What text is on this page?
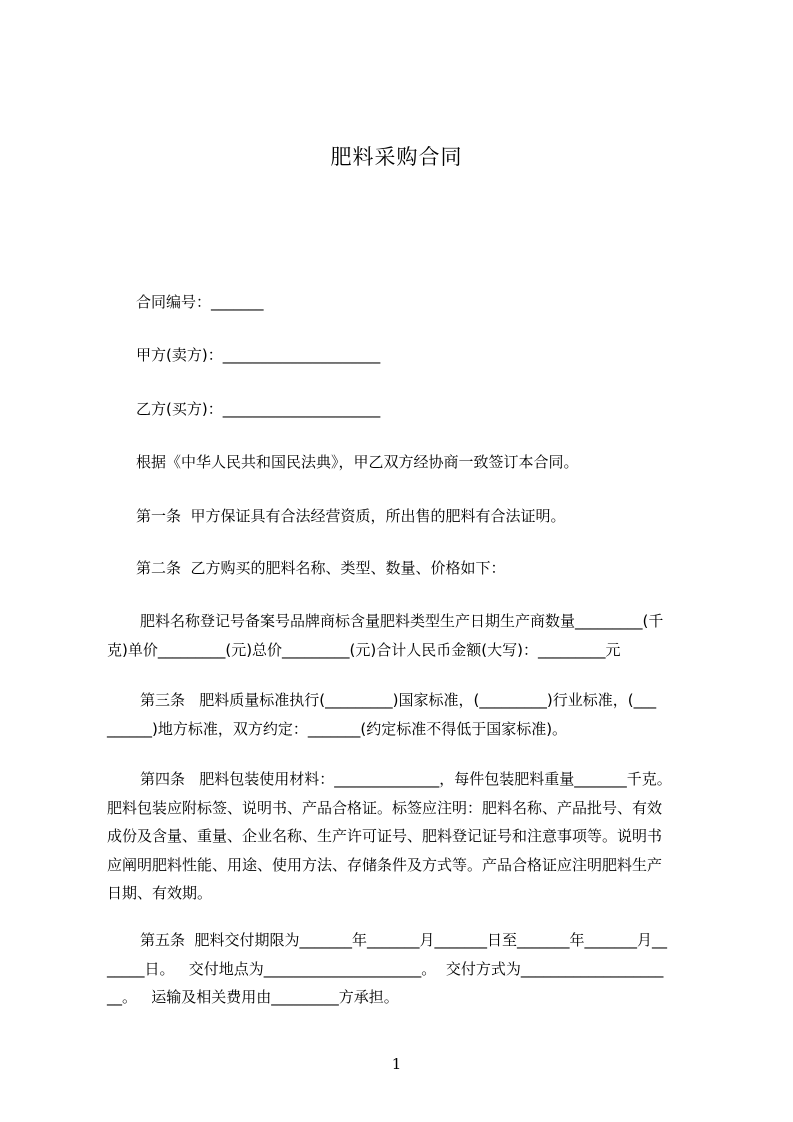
肥料采购合同
合同编号：_______
甲方(卖方)：_____________________
乙方(买方)：_____________________
根据《中华人民共和国民法典》，甲乙双方经协商一致签订本合同。
第一条  甲方保证具有合法经营资质，所出售的肥料有合法证明。
第二条  乙方购买的肥料名称、类型、数量、价格如下：
肥料名称登记号备案号品牌商标含量肥料类型生产日期生产商数量_________(千
克)单价_________(元)总价_________(元)合计人民币金额(大写)：_________元
第三条   肥料质量标准执行(_________)国家标准，(_________)行业标准，(___
______)地方标准，双方约定：_______(约定标准不得低于国家标准)。
第四条   肥料包装使用材料：______________，每件包装肥料重量_______千克。
肥料包装应附标签、说明书、产品合格证。标签应注明：肥料名称、产品批号、有效
成份及含量、重量、企业名称、生产许可证号、肥料登记证号和注意事项等。说明书
应阐明肥料性能、用途、使用方法、存储条件及方式等。产品合格证应注明肥料生产
日期、有效期。
第五条  肥料交付期限为_______年_______月_______日至_______年_______月__
_____日。   交付地点为_____________________。  交付方式为___________________
__。   运输及相关费用由_________方承担。
1
